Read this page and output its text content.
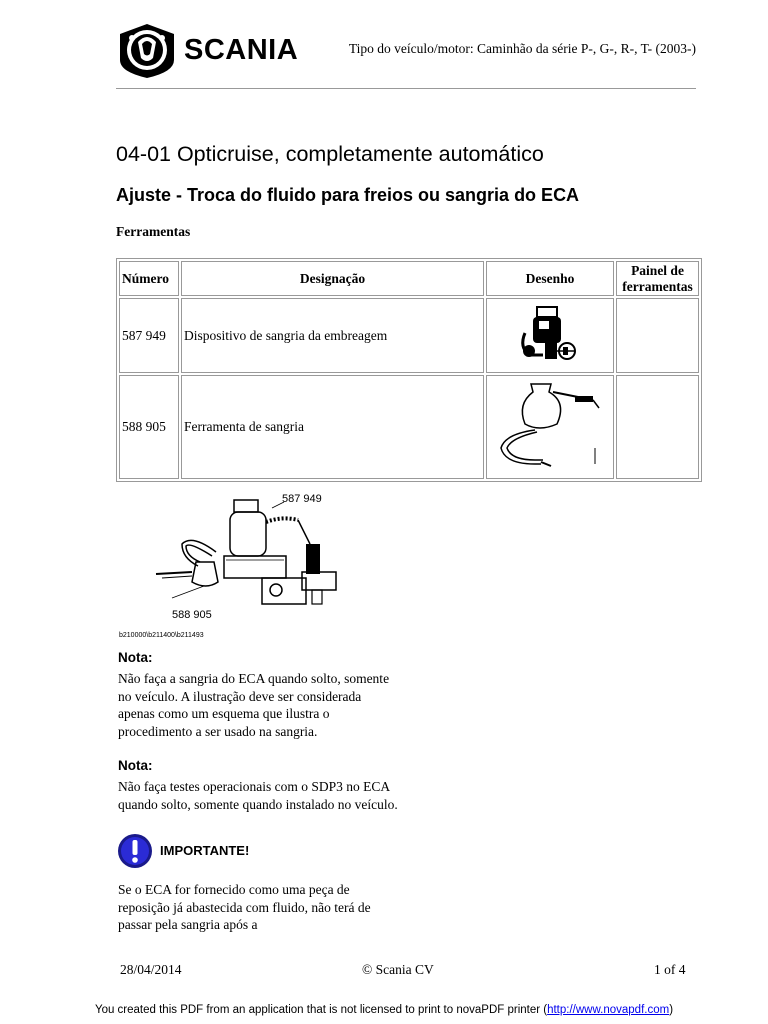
SCANIA	Tipo do veículo/motor: Caminhão da série P-, G-, R-, T- (2003-)
04-01 Opticruise, completamente automático
Ajuste - Troca do fluido para freios ou sangria do ECA
Ferramentas
Número	Designação	Desenho	Painel de ferramentas
587 949	Dispositivo de sangria da embreagem		
588 905	Ferramenta de sangria		
587 949
588 905
b210000\b211400\b211493
Nota:
Não faça a sangria do ECA quando solto, somente no veículo. A ilustração deve ser considerada apenas como um esquema que ilustra o procedimento a ser usado na sangria.
Nota:
Não faça testes operacionais com o SDP3 no ECA quando solto, somente quando instalado no veículo.
IMPORTANTE!
Se o ECA for fornecido como uma peça de reposição já abastecida com fluido, não terá de passar pela sangria após a
28/04/2014	© Scania CV	1 of 4
You created this PDF from an application that is not licensed to print to novaPDF printer (http://www.novapdf.com)
